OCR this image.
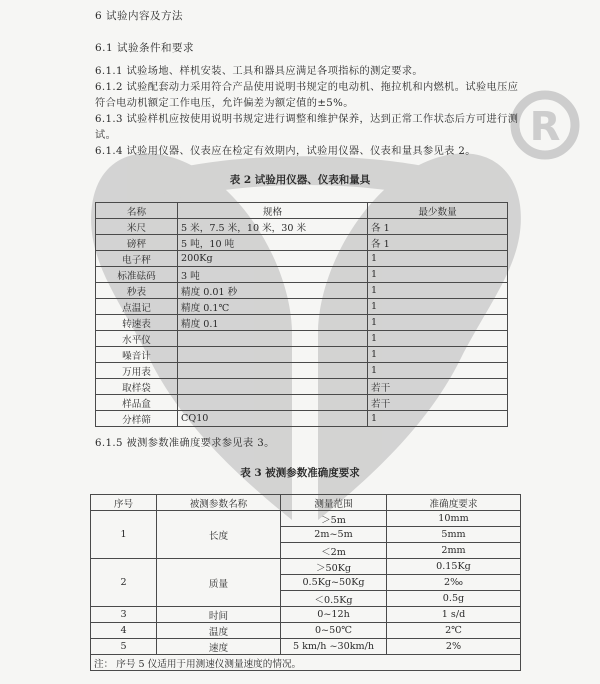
R

6 试验内容及方法

6.1 试验条件和要求

6.1.1 试验场地、样机安装、工具和器具应满足各项指标的测定要求。

6.1.2 试验配套动力采用符合产品使用说明书规定的电动机、拖拉机和内燃机。试验电压应

符合电动机额定工作电压，允许偏差为额定值的±5%。

6.1.3 试验样机应按使用说明书规定进行调整和维护保养，达到正常工作状态后方可进行测

试。

6.1.4 试验用仪器、仪表应在检定有效期内，试验用仪器、仪表和量具参见表 2。

表 2 试验用仪器、仪表和量具

名称	规格	最少数量
米尺	5 米，7.5 米，10 米，30 米	各 1
磅秤	5 吨，10 吨	各 1
电子秤	200Kg	1
标准砝码	3 吨	1
秒表	精度 0.01 秒	1
点温记	精度 0.1℃	1
转速表	精度 0.1	1
水平仪		1
噪音计		1
万用表		1
取样袋		若干
样品盒		若干
分样筛	CQ10	1

6.1.5 被测参数准确度要求参见表 3。

表 3 被测参数准确度要求

序号	被测参数名称	测量范围	准确度要求
1	长度	＞5m	10mm
		2m~5m	5mm
		＜2m	2mm
2	质量	＞50Kg	0.15Kg
		0.5Kg~50Kg	2‰
		＜0.5Kg	0.5g
3	时间	0~12h	1 s/d
4	温度	0~50℃	2℃
5	速度	5 km/h ~30km/h	2%
注： 序号 5 仪适用于用测速仪测量速度的情况。			
